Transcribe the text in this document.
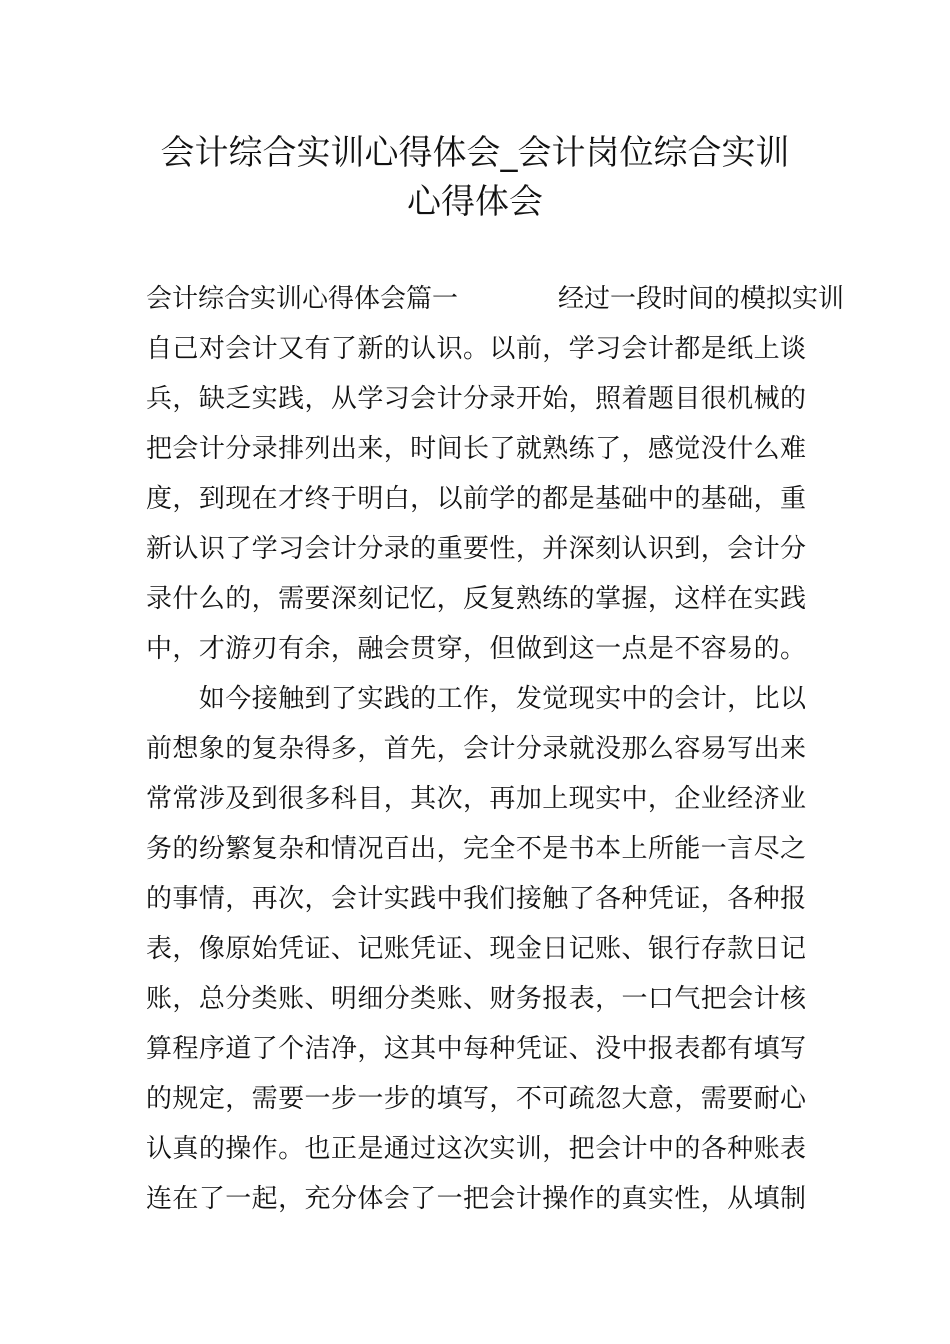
会计综合实训心得体会_会计岗位综合实训
心得体会
会计综合实训心得体会篇一	经过一段时间的模拟实训
自己对会计又有了新的认识。以前，学习会计都是纸上谈
兵，缺乏实践，从学习会计分录开始，照着题目很机械的
把会计分录排列出来，时间长了就熟练了，感觉没什么难
度，到现在才终于明白，以前学的都是基础中的基础，重
新认识了学习会计分录的重要性，并深刻认识到，会计分
录什么的，需要深刻记忆，反复熟练的掌握，这样在实践
中，才游刃有余，融会贯穿，但做到这一点是不容易的。
　　如今接触到了实践的工作，发觉现实中的会计，比以
前想象的复杂得多，首先，会计分录就没那么容易写出来
常常涉及到很多科目，其次，再加上现实中，企业经济业
务的纷繁复杂和情况百出，完全不是书本上所能一言尽之
的事情，再次，会计实践中我们接触了各种凭证，各种报
表，像原始凭证、记账凭证、现金日记账、银行存款日记
账，总分类账、明细分类账、财务报表，一口气把会计核
算程序道了个洁净，这其中每种凭证、没中报表都有填写
的规定，需要一步一步的填写，不可疏忽大意，需要耐心
认真的操作。也正是通过这次实训，把会计中的各种账表
连在了一起，充分体会了一把会计操作的真实性，从填制
